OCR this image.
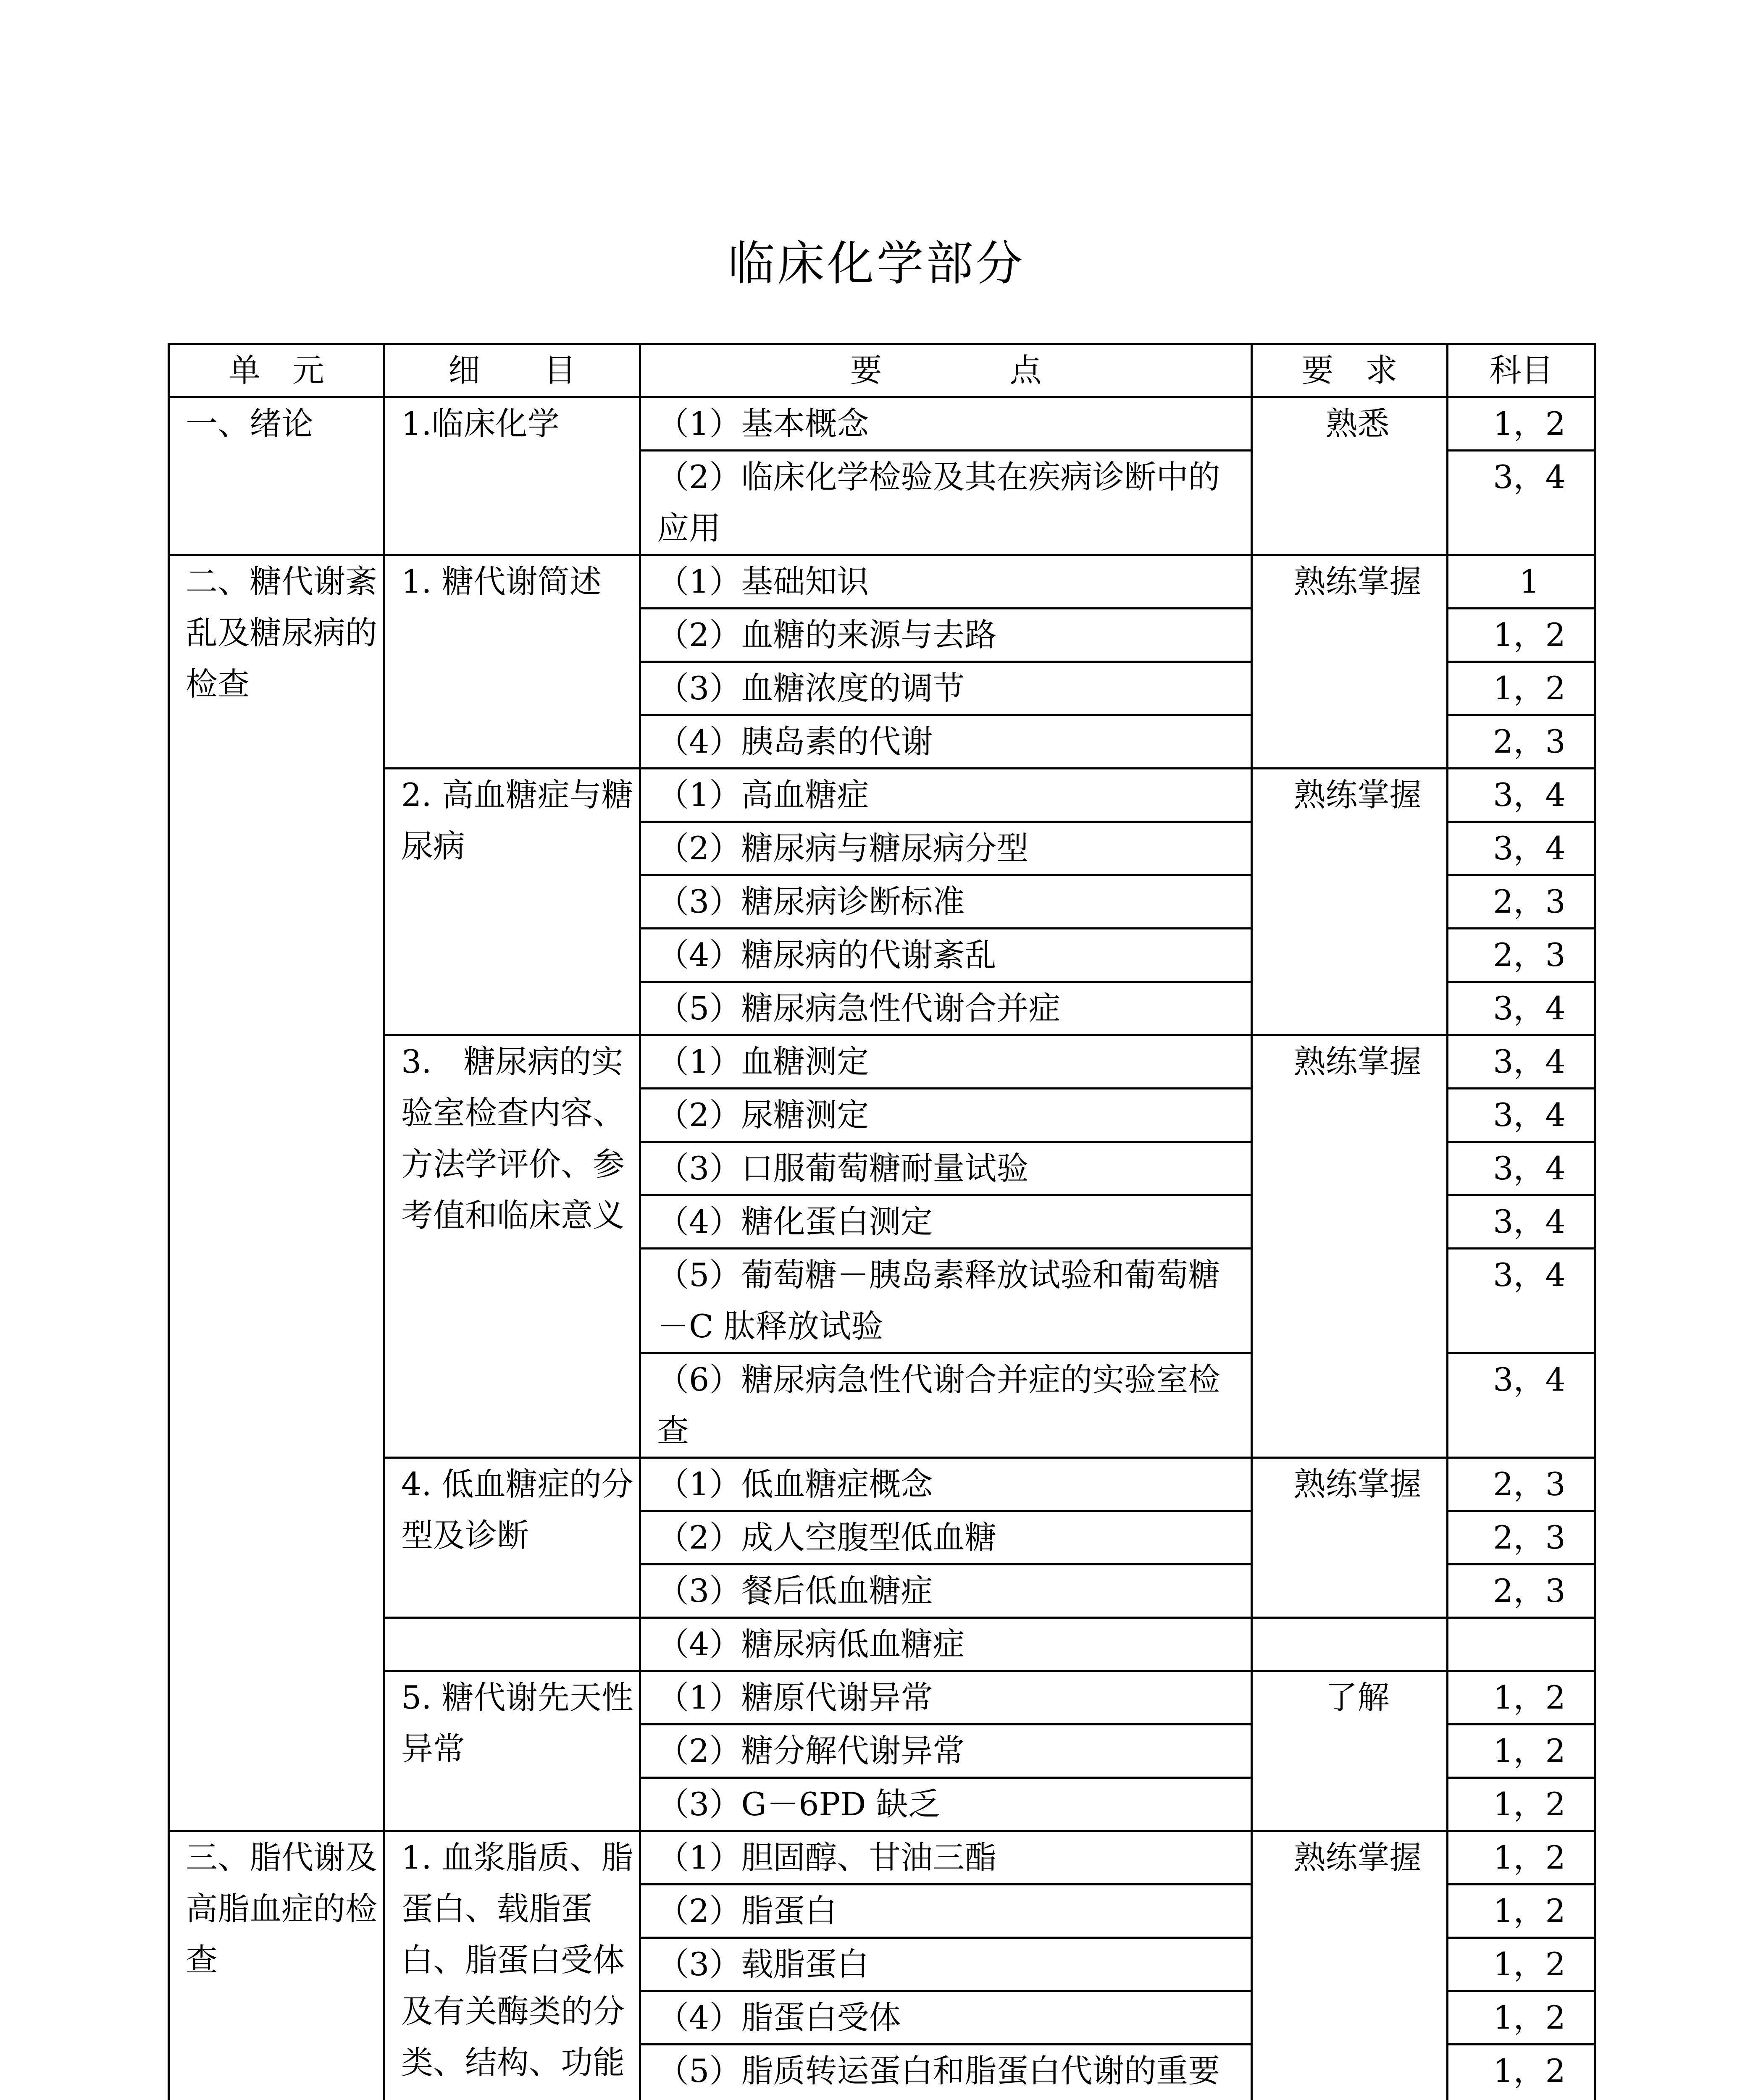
临床化学部分
单　元	细　　目	要　　　　点	要　求	科目
一、绪论	1.临床化学	（1）基本概念	熟悉	1，2
		（2）临床化学检验及其在疾病诊断中的应用		3，4

二、糖代谢紊乱及糖尿病的检查	1. 糖代谢简述	（1）基础知识	熟练掌握	1
		（2）血糖的来源与去路		1，2
		（3）血糖浓度的调节		1，2
		（4）胰岛素的代谢		2，3
	2. 高血糖症与糖尿病	（1）高血糖症	熟练掌握	3，4
		（2）糖尿病与糖尿病分型		3，4
		（3）糖尿病诊断标准		2，3
		（4）糖尿病的代谢紊乱		2，3
		（5）糖尿病急性代谢合并症		3，4
	3.　糖尿病的实验室检查内容、方法学评价、参考值和临床意义	（1）血糖测定	熟练掌握	3，4
		（2）尿糖测定		3，4
		（3）口服葡萄糖耐量试验		3，4
		（4）糖化蛋白测定		3，4
		（5）葡萄糖－胰岛素释放试验和葡萄糖－C 肽释放试验		3，4

		（6）糖尿病急性代谢合并症的实验室检查		3，4

	4. 低血糖症的分型及诊断	（1）低血糖症概念	熟练掌握	2，3
		（2）成人空腹型低血糖		2，3
		（3）餐后低血糖症		2，3
		（4）糖尿病低血糖症		
	5. 糖代谢先天性异常	（1）糖原代谢异常	了解	1，2
		（2）糖分解代谢异常		1，2
		（3）G－6PD 缺乏		1，2
三、脂代谢及高脂血症的检查	1. 血浆脂质、脂蛋白、载脂蛋白、脂蛋白受体及有关酶类的分类、结构、功能	（1）胆固醇、甘油三酯	熟练掌握	1，2
		（2）脂蛋白		1，2
		（3）载脂蛋白		1，2
		（4）脂蛋白受体		1，2
		（5）脂质转运蛋白和脂蛋白代谢的重要		1，2
